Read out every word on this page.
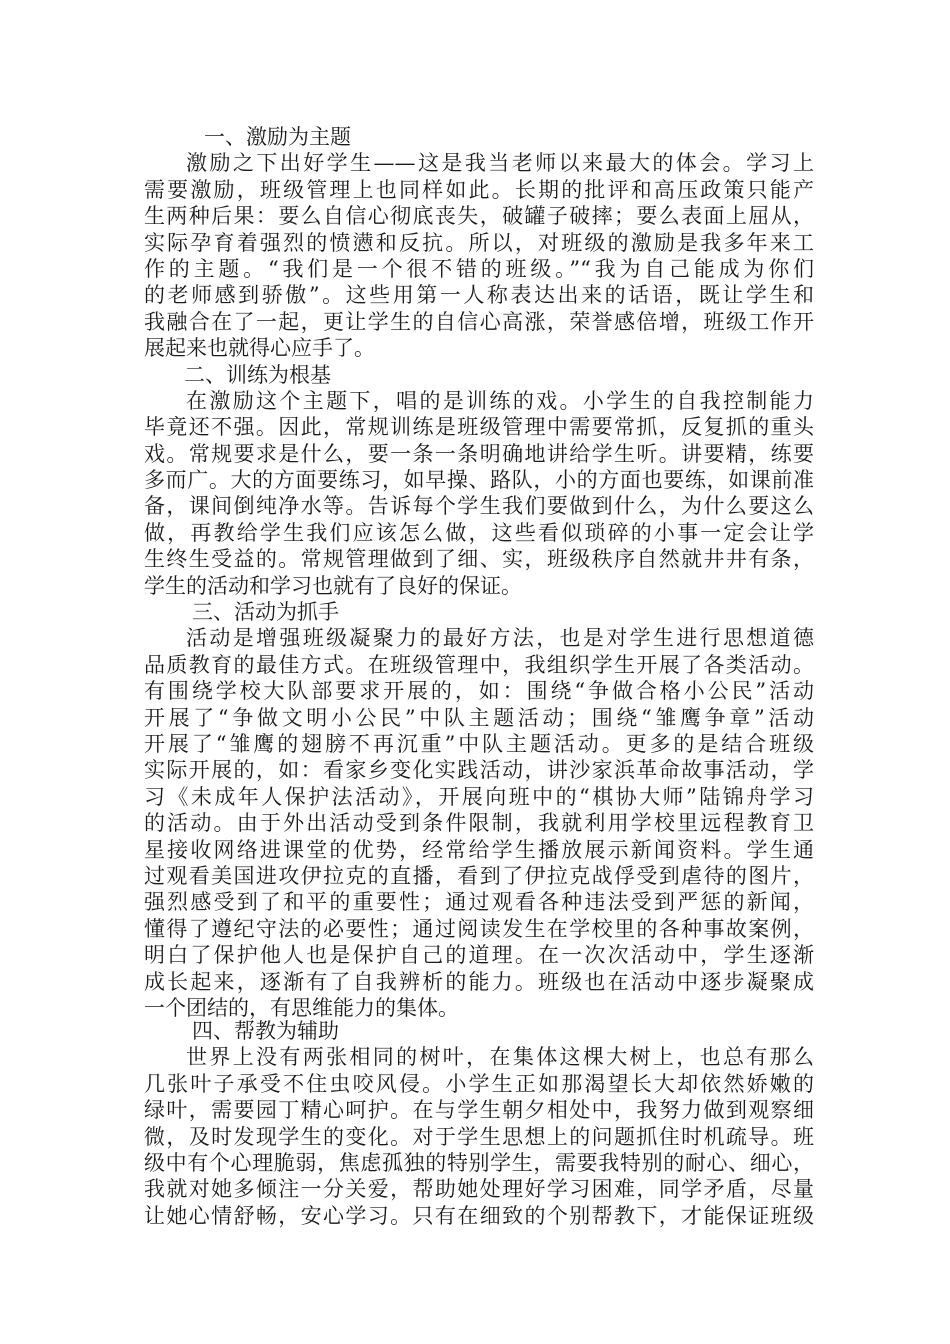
一、激励为主题
激励之下出好学生——这是我当老师以来最大的体会。学习上
需要激励，班级管理上也同样如此。长期的批评和高压政策只能产
生两种后果：要么自信心彻底丧失，破罐子破摔；要么表面上屈从，
实际孕育着强烈的愤懑和反抗。所以，对班级的激励是我多年来工
作的主题。“我们是一个很不错的班级。”“我为自己能成为你们
的老师感到骄傲”。这些用第一人称表达出来的话语，既让学生和
我融合在了一起，更让学生的自信心高涨，荣誉感倍增，班级工作开
展起来也就得心应手了。
二、训练为根基
在激励这个主题下，唱的是训练的戏。小学生的自我控制能力
毕竟还不强。因此，常规训练是班级管理中需要常抓，反复抓的重头
戏。常规要求是什么，要一条一条明确地讲给学生听。讲要精，练要
多而广。大的方面要练习，如早操、路队，小的方面也要练，如课前准
备，课间倒纯净水等。告诉每个学生我们要做到什么，为什么要这么
做，再教给学生我们应该怎么做，这些看似琐碎的小事一定会让学
生终生受益的。常规管理做到了细、实，班级秩序自然就井井有条，
学生的活动和学习也就有了良好的保证。
三、活动为抓手
活动是增强班级凝聚力的最好方法，也是对学生进行思想道德
品质教育的最佳方式。在班级管理中，我组织学生开展了各类活动。
有围绕学校大队部要求开展的，如：围绕“争做合格小公民”活动
开展了“争做文明小公民”中队主题活动；围绕“雏鹰争章”活动
开展了“雏鹰的翅膀不再沉重”中队主题活动。更多的是结合班级
实际开展的，如：看家乡变化实践活动，讲沙家浜革命故事活动，学
习《未成年人保护法活动》，开展向班中的“棋协大师”陆锦舟学习
的活动。由于外出活动受到条件限制，我就利用学校里远程教育卫
星接收网络进课堂的优势，经常给学生播放展示新闻资料。学生通
过观看美国进攻伊拉克的直播，看到了伊拉克战俘受到虐待的图片，
强烈感受到了和平的重要性；通过观看各种违法受到严惩的新闻，
懂得了遵纪守法的必要性；通过阅读发生在学校里的各种事故案例，
明白了保护他人也是保护自己的道理。在一次次活动中，学生逐渐
成长起来，逐渐有了自我辨析的能力。班级也在活动中逐步凝聚成
一个团结的，有思维能力的集体。
四、帮教为辅助
世界上没有两张相同的树叶，在集体这棵大树上，也总有那么
几张叶子承受不住虫咬风侵。小学生正如那渴望长大却依然娇嫩的
绿叶，需要园丁精心呵护。在与学生朝夕相处中，我努力做到观察细
微，及时发现学生的变化。对于学生思想上的问题抓住时机疏导。班
级中有个心理脆弱，焦虑孤独的特别学生，需要我特别的耐心、细心，
我就对她多倾注一分关爱，帮助她处理好学习困难，同学矛盾，尽量
让她心情舒畅，安心学习。只有在细致的个别帮教下，才能保证班级
